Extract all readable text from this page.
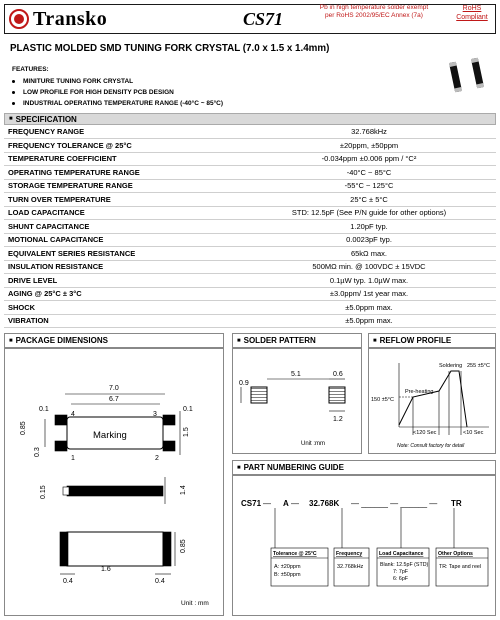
Transko	CS71
Pb in high temperature solder exempt per RoHS 2002/95/EC Annex (7a)
RoHS Compliant
PLASTIC MOLDED SMD TUNING FORK CRYSTAL (7.0 x 1.5 x 1.4mm)
FEATURES:
MINITURE TUNING FORK CRYSTAL
LOW PROFILE FOR HIGH DENSITY PCB DESIGN
INDUSTRIAL OPERATING TEMPERATURE RANGE (-40°C ~ 85°C)
■ SPECIFICATION
FREQUENCY RANGE	32.768kHz
FREQUENCY TOLERANCE @ 25°C	±20ppm, ±50ppm
TEMPERATURE COEFFICIENT	-0.034ppm ±0.006 ppm / °C²
OPERATING TEMPERATURE RANGE	-40°C ~ 85°C
STORAGE TEMPERATURE RANGE	-55°C ~ 125°C
TURN OVER TEMPERATURE	25°C ± 5°C
LOAD CAPACITANCE	STD: 12.5pF (See P/N guide for other options)
SHUNT CAPACITANCE	1.20pF typ.
MOTIONAL CAPACITANCE	0.0023pF typ.
EQUIVALENT SERIES RESISTANCE	65kΩ max.
INSULATION RESISTANCE	500MΩ min. @ 100VDC ± 15VDC
DRIVE LEVEL	0.1µW typ. 1.0µW max.
AGING @ 25°C ± 3°C	±3.0ppm/ 1st year max.
SHOCK	±5.0ppm max.
VIBRATION	±5.0ppm max.
■ PACKAGE DIMENSIONS
7.0
6.7
0.1	0.1
4	3
1	2
Marking
0.85	1.5
0.3
0.15	1.4
0.85
0.4	0.4
1.6
Unit : mm
■ SOLDER PATTERN
0.9
5.1	0.6
1.2
Unit :mm
■ REFLOW PROFILE
Soldering 255 ±5°C
Pre-heating
150 ±5°C
<120 Sec	<10 Sec
Note: Consult factory for detail
■ PART NUMBERING GUIDE
CS71 — A — 32.768K — ______ — ______ — TR
Tolerance @ 25°C
A: ±20ppm
B: ±50ppm
Frequency
32.768kHz
Load Capacitance
Blank: 12.5pF (STD)
7: 7pF
6: 6pF
Other Options
TR: Tape and reel
